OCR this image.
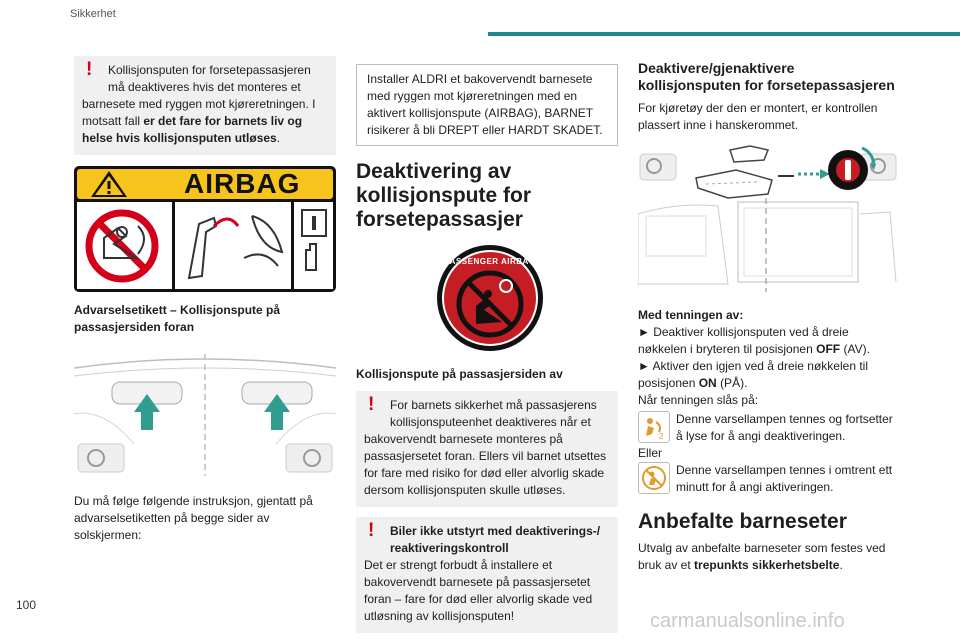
Sikkerhet
!	Kollisjonsputen for forsetepassasjeren
må deaktiveres hvis det monteres et
barnesete med ryggen mot kjøreretningen. I motsatt fall er det fare for barnets liv og helse hvis kollisjonsputen utløses.
AIRBAG
Advarselsetikett – Kollisjonspute på passasjersiden foran

Du må følge følgende instruksjon, gjentatt på advarselsetiketten på begge sider av solskjermen:

Installer ALDRI et bakovervendt barnesete med ryggen mot kjøreretningen med en aktivert kollisjonspute (AIRBAG), BARNET risikerer å bli DREPT eller HARDT SKADET.
Deaktivering av kollisjonspute for forsetepassasjer
PASSENGER AIRBAG
Kollisjonspute på passasjersiden av
!	For barnets sikkerhet må passasjerens
kollisjonsputeenhet deaktiveres når et
bakovervendt barnesete monteres på passasjersetet foran. Ellers vil barnet utsettes for fare med risiko for død eller alvorlig skade dersom kollisjonsputen skulle utløses.
!	Biler ikke utstyrt med deaktiverings-/
reaktiveringskontroll
Det er strengt forbudt å installere et bakovervendt barnesete på passasjersetet foran – fare for død eller alvorlig skade ved utløsning av kollisjonsputen!
Deaktivere/gjenaktivere kollisjonsputen for forsetepassasjeren

For kjøretøy der den er montert, er kontrollen plassert inne i hanskerommet.

Med tenningen av:

► Deaktiver kollisjonsputen ved å dreie nøkkelen i bryteren til posisjonen OFF (AV).

► Aktiver den igjen ved å dreie nøkkelen til posisjonen ON (PÅ).

Når tenningen slås på:

2

Denne varsellampen tennes og fortsetter å lyse for å angi deaktiveringen.

Eller

Denne varsellampen tennes i omtrent ett minutt for å angi aktiveringen.

Anbefalte barneseter

Utvalg av anbefalte barneseter som festes ved bruk av et trepunkts sikkerhetsbelte.

100
carmanualsonline.info
